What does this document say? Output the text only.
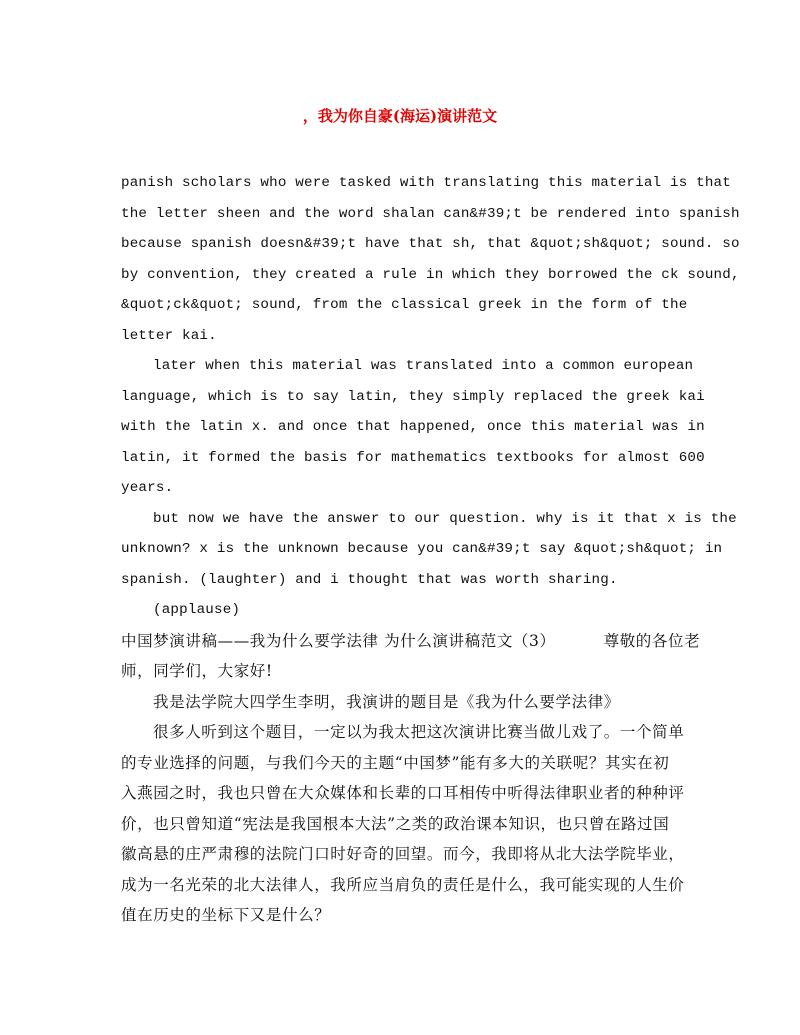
，我为你自豪(海运)演讲范文
panish scholars who were tasked with translating this material is that
the letter sheen and the word shalan can&#39;t be rendered into spanish
because spanish doesn&#39;t have that sh, that &quot;sh&quot; sound. so
by convention, they created a rule in which they borrowed the ck sound,
&quot;ck&quot; sound, from the classical greek in the form of the
letter kai.
later when this material was translated into a common european
language, which is to say latin, they simply replaced the greek kai
with the latin x. and once that happened, once this material was in
latin, it formed the basis for mathematics textbooks for almost 600
years.
but now we have the answer to our question. why is it that x is the
unknown? x is the unknown because you can&#39;t say &quot;sh&quot; in
spanish. (laughter) and i thought that was worth sharing.
(applause)
中国梦演讲稿——我为什么要学法律 为什么演讲稿范文（3）	尊敬的各位老
师，同学们，大家好!
我是法学院大四学生李明，我演讲的题目是《我为什么要学法律》
很多人听到这个题目，一定以为我太把这次演讲比赛当做儿戏了。一个简单
的专业选择的问题，与我们今天的主题“中国梦”能有多大的关联呢？其实在初
入燕园之时，我也只曾在大众媒体和长辈的口耳相传中听得法律职业者的种种评
价，也只曾知道“宪法是我国根本大法”之类的政治课本知识，也只曾在路过国
徽高悬的庄严肃穆的法院门口时好奇的回望。而今，我即将从北大法学院毕业，
成为一名光荣的北大法律人，我所应当肩负的责任是什么，我可能实现的人生价
值在历史的坐标下又是什么？
